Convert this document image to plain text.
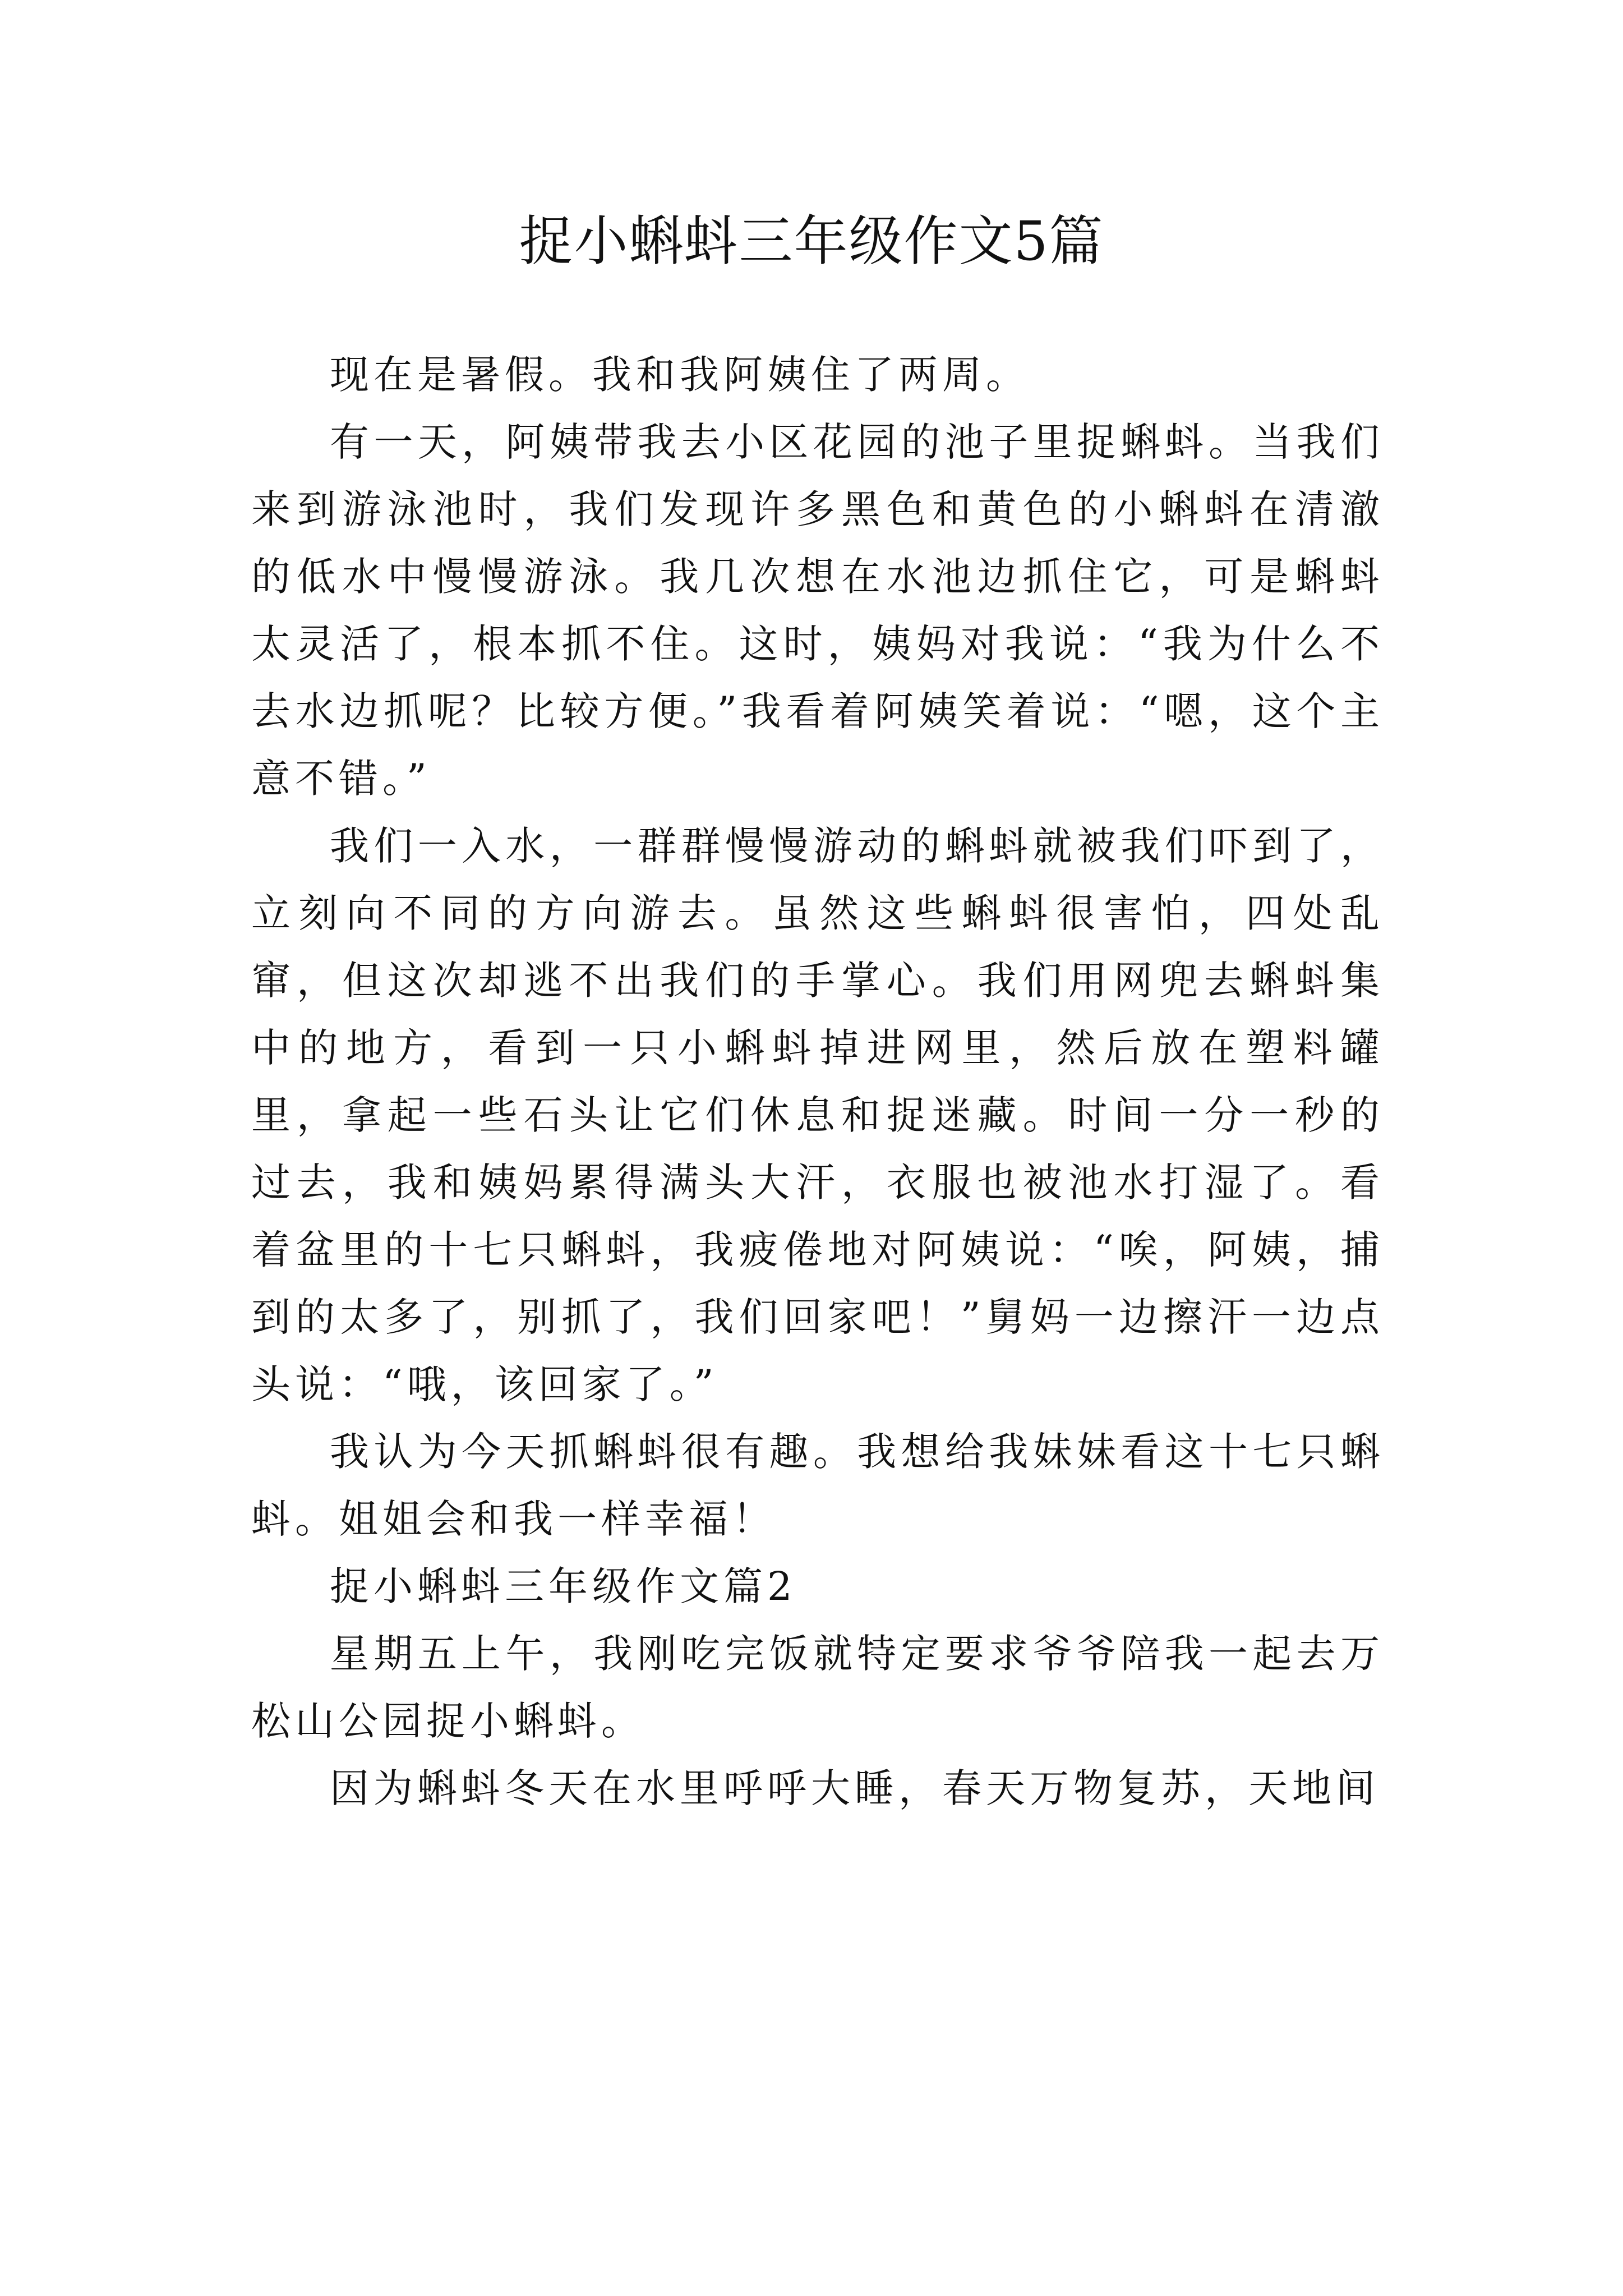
捉小蝌蚪三年级作文5篇

现在是暑假。我和我阿姨住了两周。

有一天，阿姨带我去小区花园的池子里捉蝌蚪。当我们来到游泳池时，我们发现许多黑色和黄色的小蝌蚪在清澈的低水中慢慢游泳。我几次想在水池边抓住它，可是蝌蚪太灵活了，根本抓不住。这时，姨妈对我说：“我为什么不去水边抓呢？比较方便。”我看着阿姨笑着说：“嗯，这个主意不错。”

我们一入水，一群群慢慢游动的蝌蚪就被我们吓到了，立刻向不同的方向游去。虽然这些蝌蚪很害怕，四处乱窜，但这次却逃不出我们的手掌心。我们用网兜去蝌蚪集中的地方，看到一只小蝌蚪掉进网里，然后放在塑料罐里，拿起一些石头让它们休息和捉迷藏。时间一分一秒的过去，我和姨妈累得满头大汗，衣服也被池水打湿了。看着盆里的十七只蝌蚪，我疲倦地对阿姨说：“唉，阿姨，捕到的太多了，别抓了，我们回家吧！”舅妈一边擦汗一边点头说：“哦，该回家了。”

我认为今天抓蝌蚪很有趣。我想给我妹妹看这十七只蝌蚪。姐姐会和我一样幸福！

捉小蝌蚪三年级作文篇2

星期五上午，我刚吃完饭就特定要求爷爷陪我一起去万松山公园捉小蝌蚪。

因为蝌蚪冬天在水里呼呼大睡，春天万物复苏，天地间
